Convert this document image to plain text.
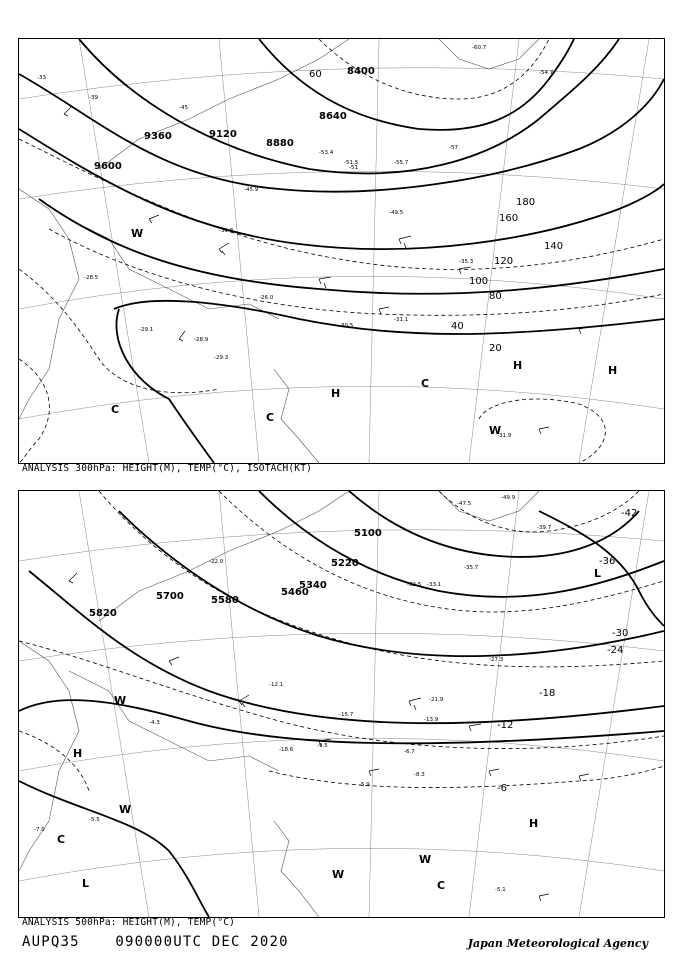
9600
9360	9120
8880
8640
8400
20
40
60
80
100
120
140
160
180
-33
-39
-45
-51
-57
-29.1
-28.9
-29.3
-28.5
-26.0
-31.1
-30.5
-35.3
-39.8
-45.9
-53.4
-51.5	-55.7
-60.7
-54.7
-49.5
-31.9
H
H	H
C
C
C
W
W
ANALYSIS 300hPa: HEIGHT(M), TEMP(°C), ISOTACH(KT)
5820
5700	5580
5460
5340
5220
5100
-6
-12
-18
-24
-30
-36
-42
-4.3
-5.5
-7.0
-5.9
-6.7
-8.3
-13.9
-15.7
-21.9
-27.3
-32.5 -33.1
-35.7
-39.7
-47.5
-49.9
-18.6
-22.0
-12.1
-9.5
-5.1
H
H
L
L
W
W
W
W
C
C
ANALYSIS 500hPa: HEIGHT(M), TEMP(°C)
AUPQ35	090000UTC DEC 2020	Japan Meteorological Agency
